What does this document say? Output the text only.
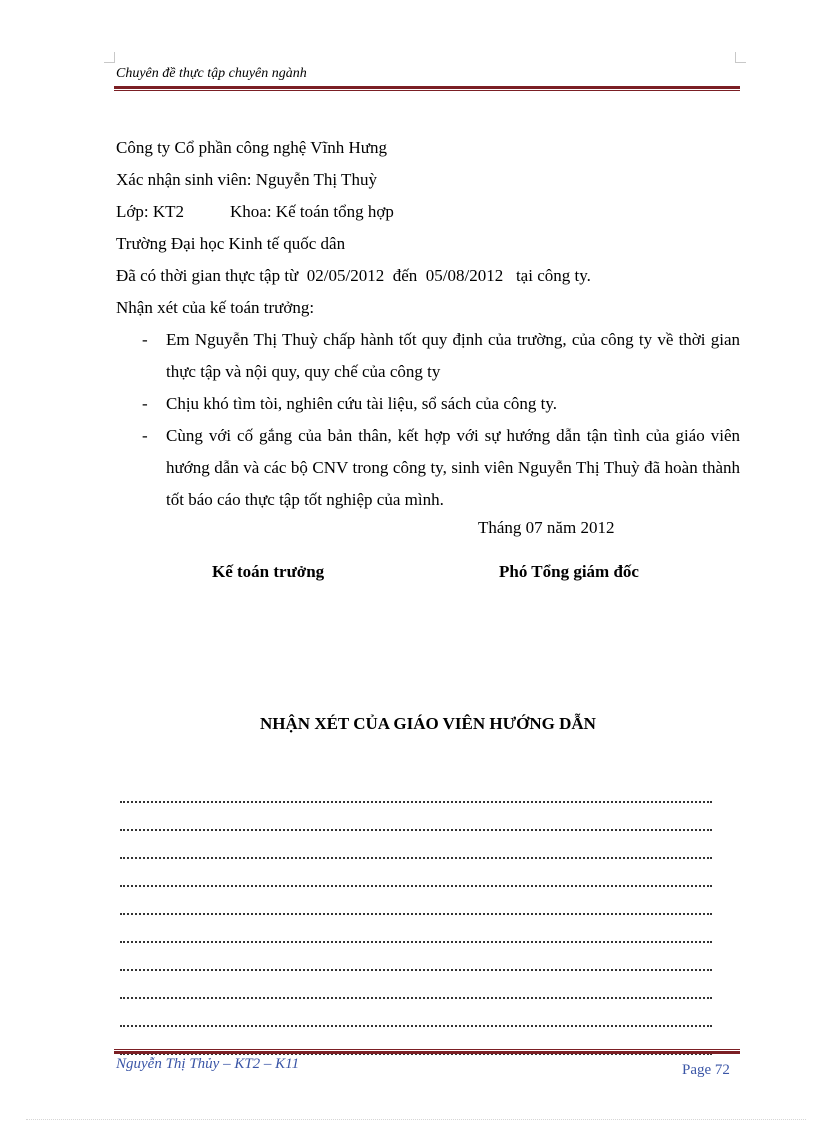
Chuyên đề thực tập chuyên ngành
Công ty Cổ phần công nghệ Vĩnh Hưng
Xác nhận sinh viên: Nguyễn Thị Thuỳ
Lớp: KT2	Khoa: Kế toán tổng hợp
Trường Đại học Kinh tế quốc dân
Đã có thời gian thực tập từ  02/05/2012  đến  05/08/2012   tại công ty.
Nhận xét của kế toán trưởng:
- Em Nguyễn Thị Thuỳ chấp hành tốt quy định của trường, của công ty về thời gian thực tập và nội quy, quy chế của công ty
- Chịu khó tìm tòi, nghiên cứu tài liệu, sổ sách của công ty.
- Cùng với cố gắng của bản thân, kết hợp với sự hướng dẫn tận tình của giáo viên hướng dẫn và các bộ CNV trong công ty, sinh viên Nguyễn Thị Thuỳ đã hoàn thành tốt báo cáo thực tập tốt nghiệp của mình.
Tháng 07 năm 2012
Kế toán trưởng	Phó Tổng giám đốc
NHẬN XÉT CỦA GIÁO VIÊN HƯỚNG DẪN
Nguyễn Thị Thủy – KT2 – K11	Page 72
